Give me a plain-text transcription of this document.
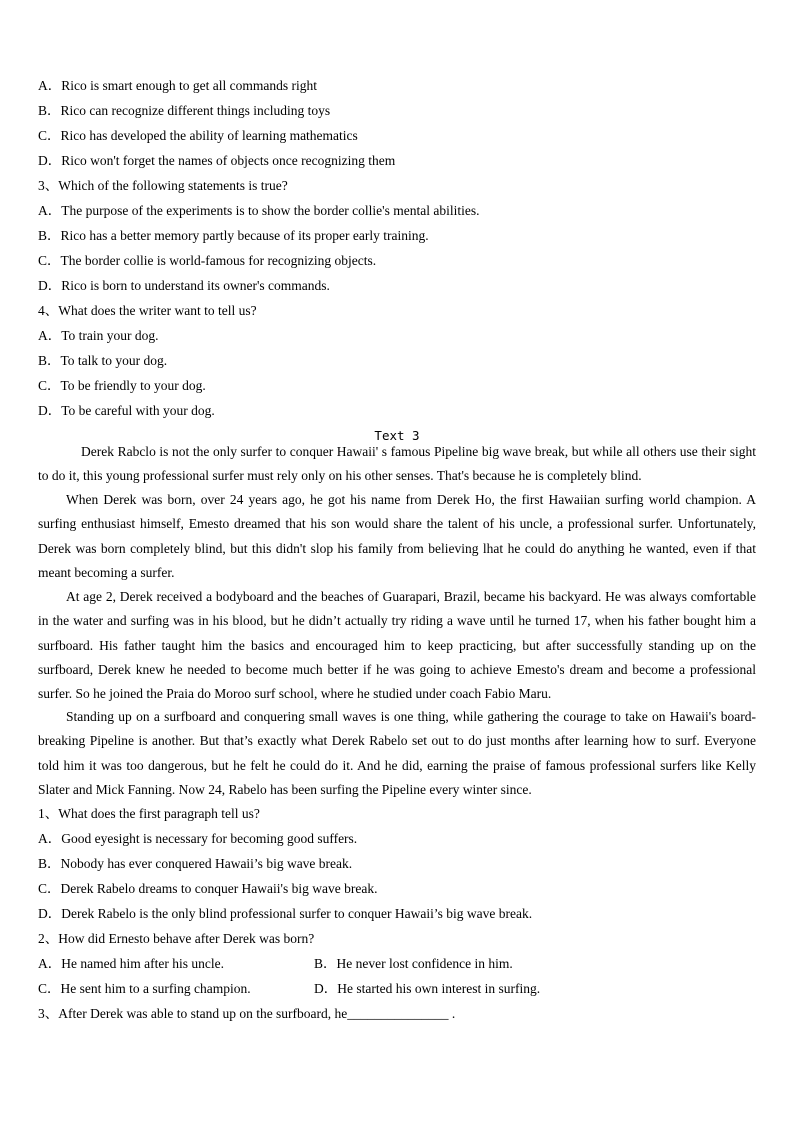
A．Rico is smart enough to get all commands right
B．Rico can recognize different things including toys
C．Rico has developed the ability of learning mathematics
D．Rico won't forget the names of objects once recognizing them
3、Which of the following statements is true?
A．The purpose of the experiments is to show the border collie's mental abilities.
B．Rico has a better memory partly because of its proper early training.
C．The border collie is world-famous for recognizing objects.
D．Rico is born to understand its owner's commands.
4、What does the writer want to tell us?
A．To train your dog.
B．To talk to your dog.
C．To be friendly to your dog.
D．To be careful with your dog.
Text 3
Derek Rabclo is not the only surfer to conquer Hawaii' s famous Pipeline big wave break, but while all others use their sight to do it, this young professional surfer must rely only on his other senses. That's because he is completely blind.
When Derek was born, over 24 years ago, he got his name from Derek Ho, the first Hawaiian surfing world champion. A surfing enthusiast himself, Emesto dreamed that his son would share the talent of his uncle, a professional surfer. Unfortunately, Derek was born completely blind, but this didn't slop his family from believing lhat he could do anything he wanted, even if that meant becoming a surfer.
At age 2, Derek received a bodyboard and the beaches of Guarapari, Brazil, became his backyard. He was always comfortable in the water and surfing was in his blood, but he didn’t actually try riding a wave until he turned 17, when his father bought him a surfboard. His father taught him the basics and encouraged him to keep practicing, but after successfully standing up on the surfboard, Derek knew he needed to become much better if he was going to achieve Emesto's dream and become a professional surfer. So he joined the Praia do Moroo surf school, where he studied under coach Fabio Maru.
Standing up on a surfboard and conquering small waves is one thing, while gathering the courage to take on Hawaii's board-breaking Pipeline is another. But that’s exactly what Derek Rabelo set out to do just months after learning how to surf. Everyone told him it was too dangerous, but he felt he could do it. And he did, earning the praise of famous professional surfers like Kelly Slater and Mick Fanning. Now 24, Rabelo has been surfing the Pipeline every winter since.
1、What does the first paragraph tell us?
A．Good eyesight is necessary for becoming good suffers.
B．Nobody has ever conquered Hawaii’s big wave break.
C．Derek Rabelo dreams to conquer Hawaii's big wave break.
D．Derek Rabelo is the only blind professional surfer to conquer Hawaii’s big wave break.
2、How did Ernesto behave after Derek was born?
A．He named him after his uncle.	B．He never lost confidence in him.
C．He sent him to a surfing champion.	D．He started his own interest in surfing.
3、After Derek was able to stand up on the surfboard, he_______________ .
